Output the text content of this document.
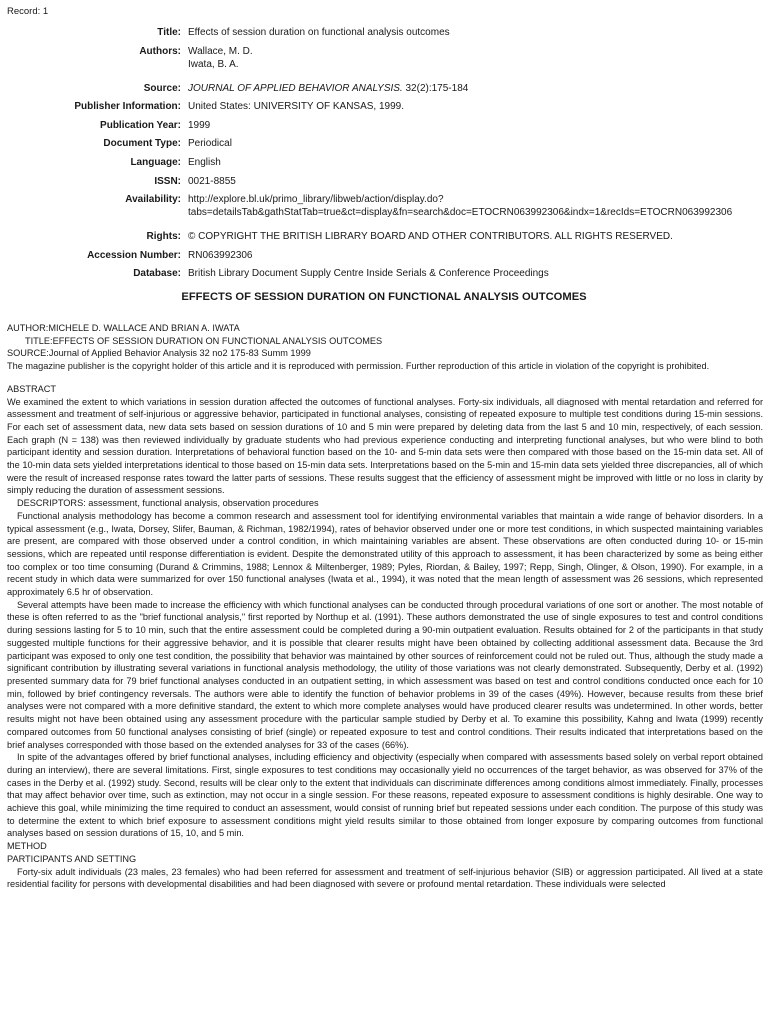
Record: 1
Title: Effects of session duration on functional analysis outcomes
Authors: Wallace, M. D.
Iwata, B. A.
Source: JOURNAL OF APPLIED BEHAVIOR ANALYSIS. 32(2):175-184
Publisher Information: United States: UNIVERSITY OF KANSAS, 1999.
Publication Year: 1999
Document Type: Periodical
Language: English
ISSN: 0021-8855
Availability: http://explore.bl.uk/primo_library/libweb/action/display.do?
tabs=detailsTab&gathStatTab=true&ct=display&fn=search&doc=ETOCRN063992306&indx=1&recIds=ETOCRN063992306
Rights: © COPYRIGHT THE BRITISH LIBRARY BOARD AND OTHER CONTRIBUTORS. ALL RIGHTS RESERVED.
Accession Number: RN063992306
Database: British Library Document Supply Centre Inside Serials & Conference Proceedings
EFFECTS OF SESSION DURATION ON FUNCTIONAL ANALYSIS OUTCOMES

AUTHOR:MICHELE D. WALLACE AND BRIAN A. IWATA

TITLE:EFFECTS OF SESSION DURATION ON FUNCTIONAL ANALYSIS OUTCOMES

SOURCE:Journal of Applied Behavior Analysis 32 no2 175-83 Summ 1999

The magazine publisher is the copyright holder of this article and it is reproduced with permission. Further reproduction of this article in violation of the copyright is prohibited.

ABSTRACT

We examined the extent to which variations in session duration affected the outcomes of functional analyses. Forty-six individuals, all diagnosed with mental retardation and referred for assessment and treatment of self-injurious or aggressive behavior, participated in functional analyses, consisting of repeated exposure to multiple test conditions during 15-min sessions. For each set of assessment data, new data sets based on session durations of 10 and 5 min were prepared by deleting data from the last 5 and 10 min, respectively, of each session. Each graph (N = 138) was then reviewed individually by graduate students who had previous experience conducting and interpreting functional analyses, but who were blind to both participant identity and session duration. Interpretations of behavioral function based on the 10- and 5-min data sets were then compared with those based on the 15-min data set. All of the 10-min data sets yielded interpretations identical to those based on 15-min data sets. Interpretations based on the 5-min and 15-min data sets yielded three discrepancies, all of which were the result of increased response rates toward the latter parts of sessions. These results suggest that the efficiency of assessment might be improved with little or no loss in clarity by simply reducing the duration of assessment sessions.

DESCRIPTORS: assessment, functional analysis, observation procedures

Functional analysis methodology has become a common research and assessment tool for identifying environmental variables that maintain a wide range of behavior disorders. In a typical assessment (e.g., Iwata, Dorsey, Slifer, Bauman, & Richman, 1982/1994), rates of behavior observed under one or more test conditions, in which suspected maintaining variables are present, are compared with those observed under a control condition, in which maintaining variables are absent. These observations are often conducted during 10- or 15-min sessions, which are repeated until response differentiation is evident. Despite the demonstrated utility of this approach to assessment, it has been characterized by some as being either too complex or too time consuming (Durand & Crimmins, 1988; Lennox & Miltenberger, 1989; Pyles, Riordan, & Bailey, 1997; Repp, Singh, Olinger, & Olson, 1990). For example, in a recent study in which data were summarized for over 150 functional analyses (Iwata et al., 1994), it was noted that the mean length of assessment was 26 sessions, which represented approximately 6.5 hr of observation.

Several attempts have been made to increase the efficiency with which functional analyses can be conducted through procedural variations of one sort or another. The most notable of these is often referred to as the "brief functional analysis," first reported by Northup et al. (1991). These authors demonstrated the use of single exposures to test and control conditions during sessions lasting for 5 to 10 min, such that the entire assessment could be completed during a 90-min outpatient evaluation. Results obtained for 2 of the participants in that study suggested multiple functions for their aggressive behavior, and it is possible that clearer results might have been obtained by collecting additional assessment data. Because the 3rd participant was exposed to only one test condition, the possibility that behavior was maintained by other sources of reinforcement could not be ruled out. Thus, although the study made a significant contribution by illustrating several variations in functional analysis methodology, the utility of those variations was not clearly demonstrated. Subsequently, Derby et al. (1992) presented summary data for 79 brief functional analyses conducted in an outpatient setting, in which assessment was based on test and control conditions conducted once each for 10 min, followed by brief contingency reversals. The authors were able to identify the function of behavior problems in 39 of the cases (49%). However, because results from these brief analyses were not compared with a more definitive standard, the extent to which more complete analyses would have produced clearer results was undetermined. In other words, better results might not have been obtained using any assessment procedure with the particular sample studied by Derby et al. To examine this possibility, Kahng and Iwata (1999) recently compared outcomes from 50 functional analyses consisting of brief (single) or repeated exposure to test and control conditions. Their results indicated that interpretations based on the brief analyses corresponded with those based on the extended analyses for 33 of the cases (66%).

In spite of the advantages offered by brief functional analyses, including efficiency and objectivity (especially when compared with assessments based solely on verbal report obtained during an interview), there are several limitations. First, single exposures to test conditions may occasionally yield no occurrences of the target behavior, as was observed for 37% of the cases in the Derby et al. (1992) study. Second, results will be clear only to the extent that individuals can discriminate differences among conditions almost immediately. Finally, processes that may affect behavior over time, such as extinction, may not occur in a single session. For these reasons, repeated exposure to assessment conditions is highly desirable. One way to achieve this goal, while minimizing the time required to conduct an assessment, would consist of running brief but repeated sessions under each condition. The purpose of this study was to determine the extent to which brief exposure to assessment conditions might yield results similar to those obtained from longer exposure by comparing outcomes from functional analyses based on session durations of 15, 10, and 5 min.

METHOD

PARTICIPANTS AND SETTING

Forty-six adult individuals (23 males, 23 females) who had been referred for assessment and treatment of self-injurious behavior (SIB) or aggression participated. All lived at a state residential facility for persons with developmental disabilities and had been diagnosed with severe or profound mental retardation. These individuals were selected
